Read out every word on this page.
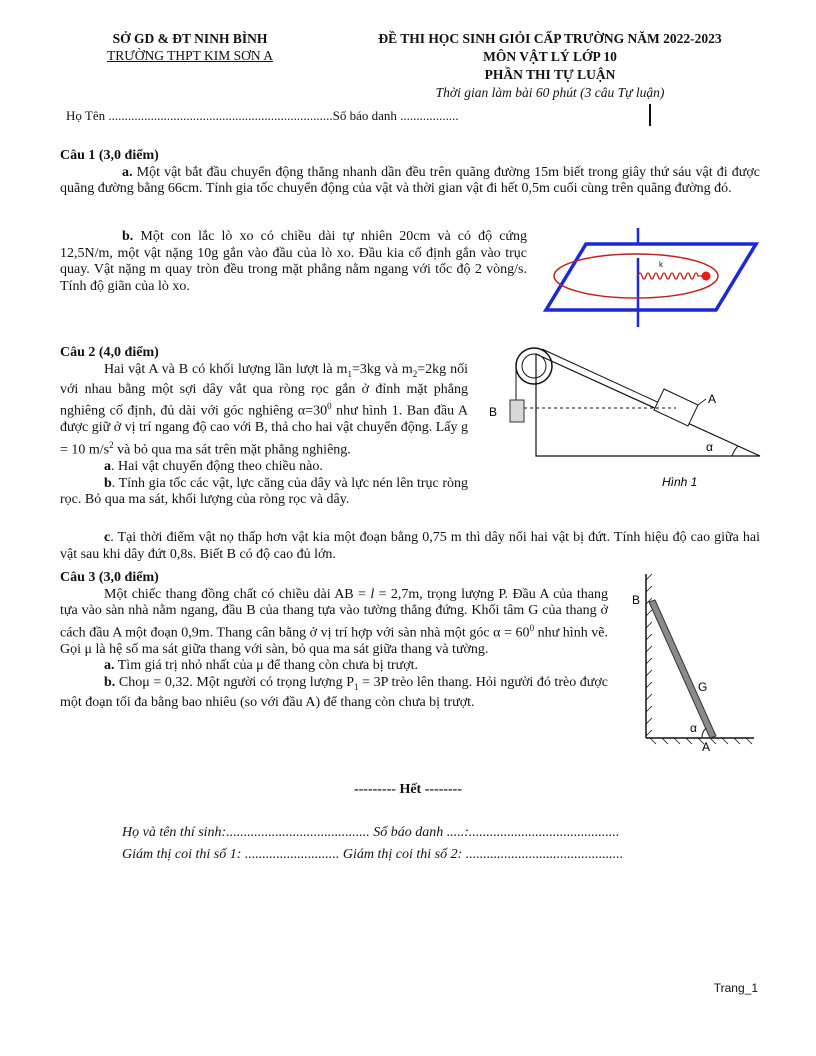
SỞ GD & ĐT NINH BÌNH
TRƯỜNG THPT KIM SƠN A
ĐỀ THI HỌC SINH GIỎI CẤP TRƯỜNG NĂM 2022-2023
MÔN VẬT LÝ LỚP 10
PHẦN THI TỰ LUẬN
Thời gian làm bài 60 phút (3 câu Tự luận)
Họ Tên .....................................................................Số báo danh ..................
Câu 1 (3,0 điểm)
a. Một vật bắt đầu chuyển động thẳng nhanh dần đều trên quãng đường 15m biết trong giây thứ sáu vật đi được quãng đường bằng 66cm. Tính gia tốc chuyển động của vật và thời gian vật đi hết 0,5m cuối cùng trên quãng đường đó.
b. Một con lắc lò xo có chiều dài tự nhiên 20cm và có độ cứng 12,5N/m, một vật nặng 10g gắn vào đầu của lò xo. Đầu kia cố định gắn vào trục quay. Vật nặng m quay tròn đều trong mặt phẳng nằm ngang với tốc độ 2 vòng/s. Tính độ giãn của lò xo.
k
Câu 2 (4,0 điểm)
Hai vật A và B có khối lượng lần lượt là $m_1=3kg$ và $m_2=2kg$ nối với nhau bằng một sợi dây vắt qua ròng rọc gắn ở đỉnh mặt phẳng nghiêng cố định, đủ dài với góc nghiêng $\alpha=30^0$ như hình 1. Ban đầu A được giữ ở vị trí ngang độ cao với B, thả cho hai vật chuyển động. Lấy g = 10 $m/s^2$ và bỏ qua ma sát trên mặt phẳng nghiêng.
a. Hai vật chuyển động theo chiều nào.
b. Tính gia tốc các vật, lực căng của dây và lực nén lên trục ròng rọc. Bỏ qua ma sát, khối lượng của ròng rọc và dây.
c. Tại thời điểm vật nọ thấp hơn vật kia một đoạn bằng 0,75 m thì dây nối hai vật bị đứt. Tính hiệu độ cao giữa hai vật sau khi dây đứt 0,8s. Biết B có độ cao đủ lớn.
A
B
α
Hình 1
Câu 3 (3,0 điểm)
Một chiếc thang đồng chất có chiều dài AB = l = 2,7m, trọng lượng P. Đầu A của thang tựa vào sàn nhà nằm ngang, đầu B của thang tựa vào tường thẳng đứng. Khối tâm G của thang ở cách đầu A một đoạn 0,9m. Thang cân bằng ở vị trí hợp với sàn nhà một góc $\alpha = 60^0$ như hình vẽ. Gọi μ là hệ số ma sát giữa thang với sàn, bỏ qua ma sát giữa thang và tường.
a. Tìm giá trị nhỏ nhất của μ để thang còn chưa bị trượt.
b. Choμ = 0,32. Một người có trọng lượng $P_1 = 3P$ trèo lên thang. Hỏi người đó trèo được một đoạn tối đa bằng bao nhiêu (so với đầu A) để thang còn chưa bị trượt.
B
G
α
A
--------- Hết --------
Họ và tên thí sinh:......................................... Số báo danh .....:...........................................
Giám thị coi thi số 1: ........................... Giám thị coi thi số 2: .............................................
Trang_1
